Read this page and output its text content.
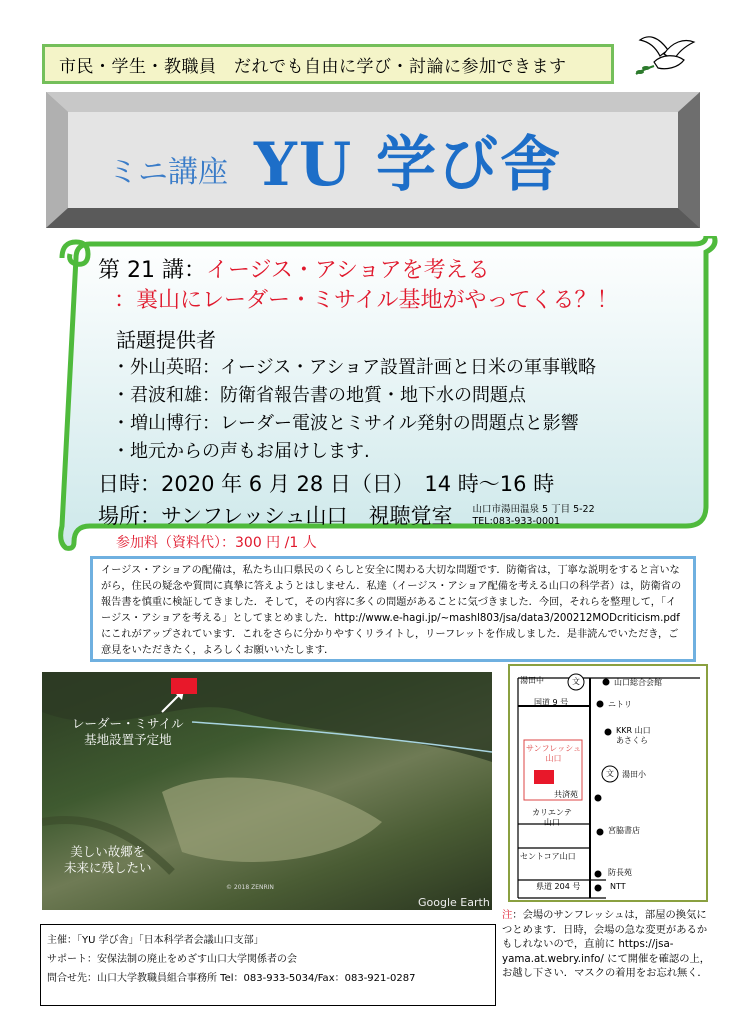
市民・学生・教職員　だれでも自由に学び・討論に参加できます
ミニ講座 YU 学び舎
第 21 講：イージス・アショアを考える
：裏山にレーダー・ミサイル基地がやってくる？！
話題提供者
・外山英昭：イージス・アショア設置計画と日米の軍事戦略
・君波和雄：防衛省報告書の地質・地下水の問題点
・増山博行：レーダー電波とミサイル発射の問題点と影響
・地元からの声もお届けします.
日時：2020 年 6 月 28 日（日）　14 時〜16 時
場所：サンフレッシュ山口　視聴覚室 山口市湯田温泉 5 丁目 5-22
TEL:083-933-0001
参加料（資料代）：300 円 /1 人
イージス・アショアの配備は，私たち山口県民のくらしと安全に関わる大切な問題です．防衛省は，丁寧な説明をすると言いながら，住民の疑念や質問に真摯に答えようとはしません．私達（イージス・アショア配備を考える山口の科学者）は，防衛省の報告書を慎重に検証してきました．そして，その内容に多くの問題があることに気づきました．今回，それらを整理して，「イージス・アショアを考える」としてまとめました．http://www.e-hagi.jp/~mashl803/jsa/data3/200212MODcriticism.pdf にこれがアップされています．これをさらに分かりやすくリライトし，リーフレットを作成しました．是非読んでいただき，ご意見をいただきたく，よろしくお願いいたします．
レーダー・ミサイル
基地設置予定地
美しい故郷を
未来に残したい
© 2018 ZENRIN
Google Earth
湯田中	文	山口総合会館
国道 9 号	ニトリ
KKR 山口
あさくら
サンフレッシュ
山口
文 湯田小
共済苑
カリエンテ
山口
宮脇書店
セントコア山口
防長苑
県道 204 号	NTT
注：会場のサンフレッシュは，部屋の換気につとめます．日時，会場の急な変更があるかもしれないので，直前に https://jsa-yama.at.webry.info/ にて開催を確認の上，お越し下さい．マスクの着用をお忘れ無く．
主催：「YU 学び舎」「日本科学者会議山口支部」
サポート：安保法制の廃止をめざす山口大学関係者の会
問合せ先：山口大学教職員組合事務所 Tel：083-933-5034/Fax：083-921-0287
